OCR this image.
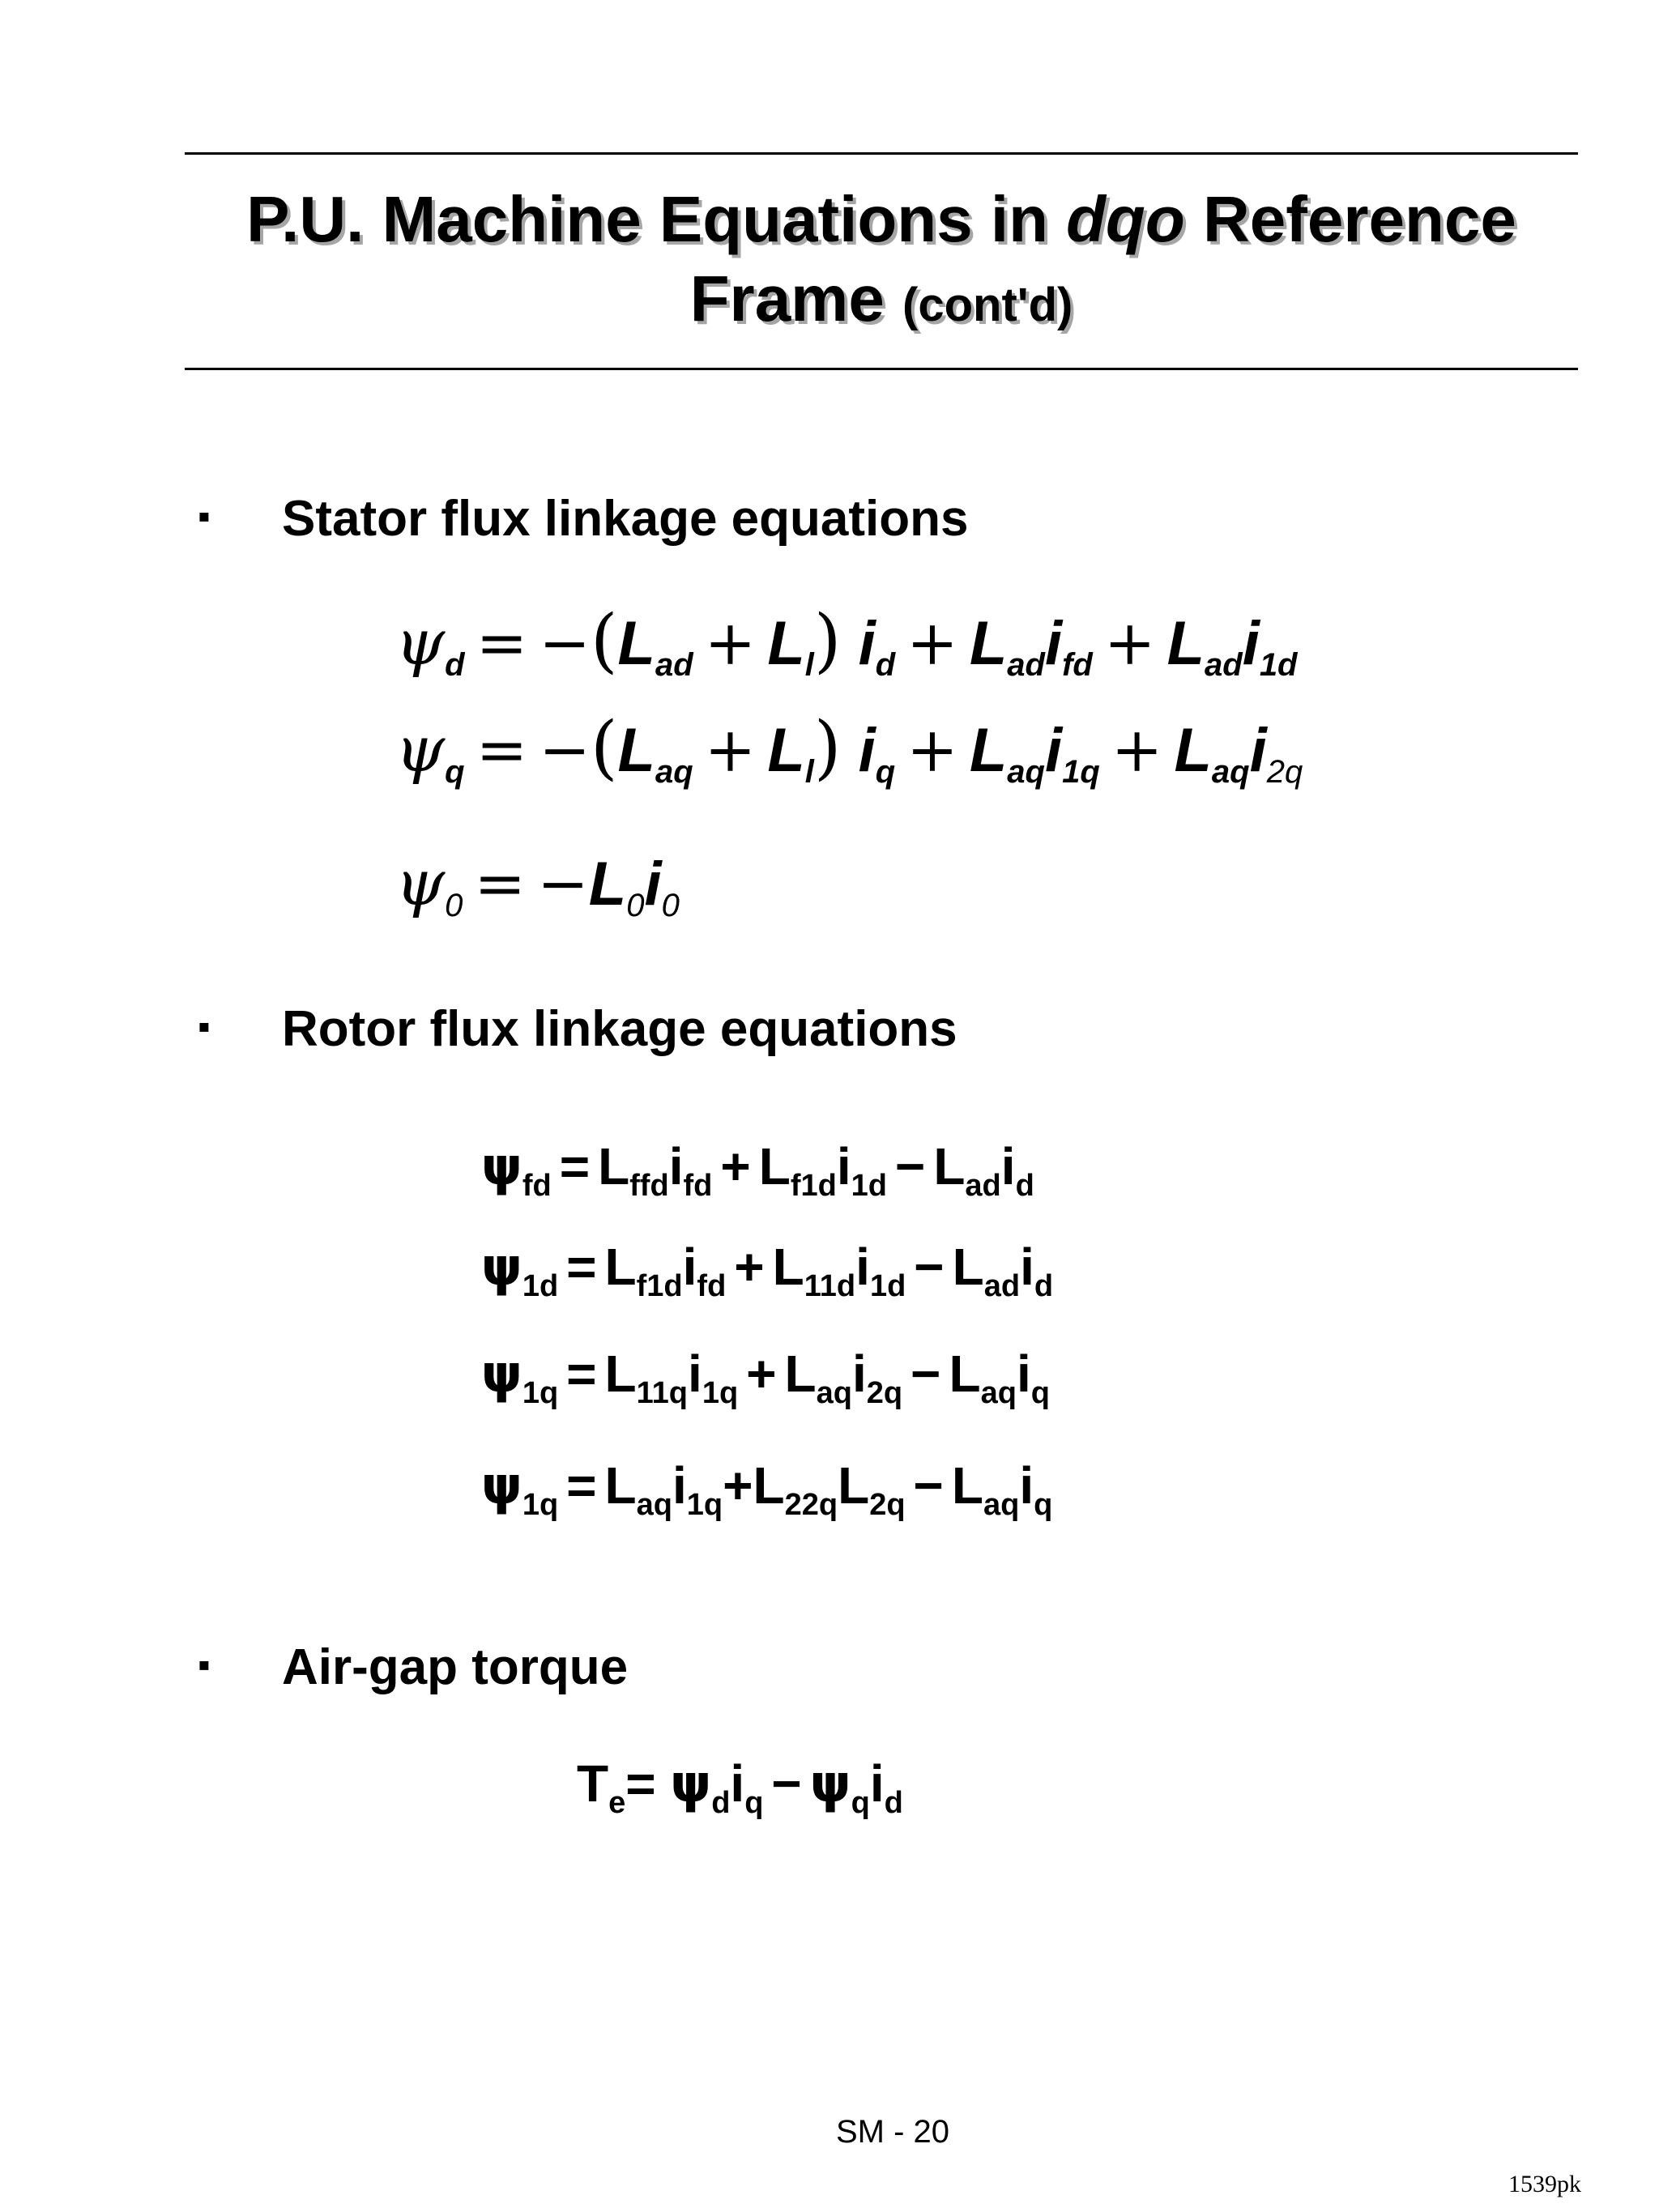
P.U. Machine Equations in dqo Reference
Frame (cont'd)
▪ Stator flux linkage equations
$\psi_d = -(L_{ad} + L_l) i_d + L_{ad}i_{fd} + L_{ad}i_{1d}$
$\psi_q = -(L_{aq} + L_l) i_q + L_{aq}i_{1q} + L_{aq}i_{2q}$
$\psi_0 = -L_0i_0$
▪ Rotor flux linkage equations
$\psi_{fd} = L_{ffd}i_{fd} + L_{f1d}i_{1d} - L_{ad}i_d$
$\psi_{1d} = L_{f1d}i_{fd} + L_{11d}i_{1d} - L_{ad}i_d$
$\psi_{1q} = L_{11q}i_{1q} + L_{aq}i_{2q} - L_{aq}i_q$
$\psi_{1q} = L_{aq}i_{1q}+L_{22q}L_{2q} - L_{aq}i_q$
▪ Air-gap torque
$T_e= \psi_di_q - \psi_qi_d$
SM - 20
1539pk
